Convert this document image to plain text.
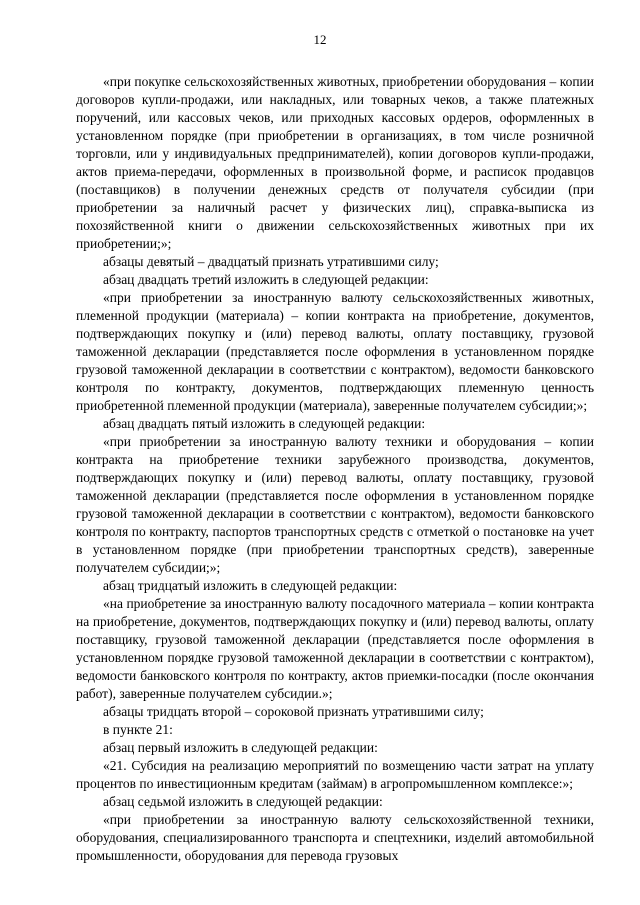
12

«при покупке сельскохозяйственных животных, приобретении оборудования – копии договоров купли-продажи, или накладных, или товарных чеков, а также платежных поручений, или кассовых чеков, или приходных кассовых ордеров, оформленных в установленном порядке (при приобретении в организациях, в том числе розничной торговли, или у индивидуальных предпринимателей), копии договоров купли-продажи, актов приема-передачи, оформленных в произвольной форме, и расписок продавцов (поставщиков) в получении денежных средств от получателя субсидии (при приобретении за наличный расчет у физических лиц), справка-выписка из похозяйственной книги о движении сельскохозяйственных животных при их приобретении;»;

абзацы девятый – двадцатый признать утратившими силу;

абзац двадцать третий изложить в следующей редакции:

«при приобретении за иностранную валюту сельскохозяйственных животных, племенной продукции (материала) – копии контракта на приобретение, документов, подтверждающих покупку и (или) перевод валюты, оплату поставщику, грузовой таможенной декларации (представляется после оформления в установленном порядке грузовой таможенной декларации в соответствии с контрактом), ведомости банковского контроля по контракту, документов, подтверждающих племенную ценность приобретенной племенной продукции (материала), заверенные получателем субсидии;»;

абзац двадцать пятый изложить в следующей редакции:

«при приобретении за иностранную валюту техники и оборудования – копии контракта на приобретение техники зарубежного производства, документов, подтверждающих покупку и (или) перевод валюты, оплату поставщику, грузовой таможенной декларации (представляется после оформления в установленном порядке грузовой таможенной декларации в соответствии с контрактом), ведомости банковского контроля по контракту, паспортов транспортных средств с отметкой о постановке на учет в установленном порядке (при приобретении транспортных средств), заверенные получателем субсидии;»;

абзац тридцатый изложить в следующей редакции:

«на приобретение за иностранную валюту посадочного материала – копии контракта на приобретение, документов, подтверждающих покупку и (или) перевод валюты, оплату поставщику, грузовой таможенной декларации (представляется после оформления в установленном порядке грузовой таможенной декларации в соответствии с контрактом), ведомости банковского контроля по контракту, актов приемки-посадки (после окончания работ), заверенные получателем субсидии.»;

абзацы тридцать второй – сороковой признать утратившими силу;

в пункте 21:

абзац первый изложить в следующей редакции:

«21. Субсидия на реализацию мероприятий по возмещению части затрат на уплату процентов по инвестиционным кредитам (займам) в агропромышленном комплексе:»;

абзац седьмой изложить в следующей редакции:

«при приобретении за иностранную валюту сельскохозяйственной техники, оборудования, специализированного транспорта и спецтехники, изделий автомобильной промышленности, оборудования для перевода грузовых
